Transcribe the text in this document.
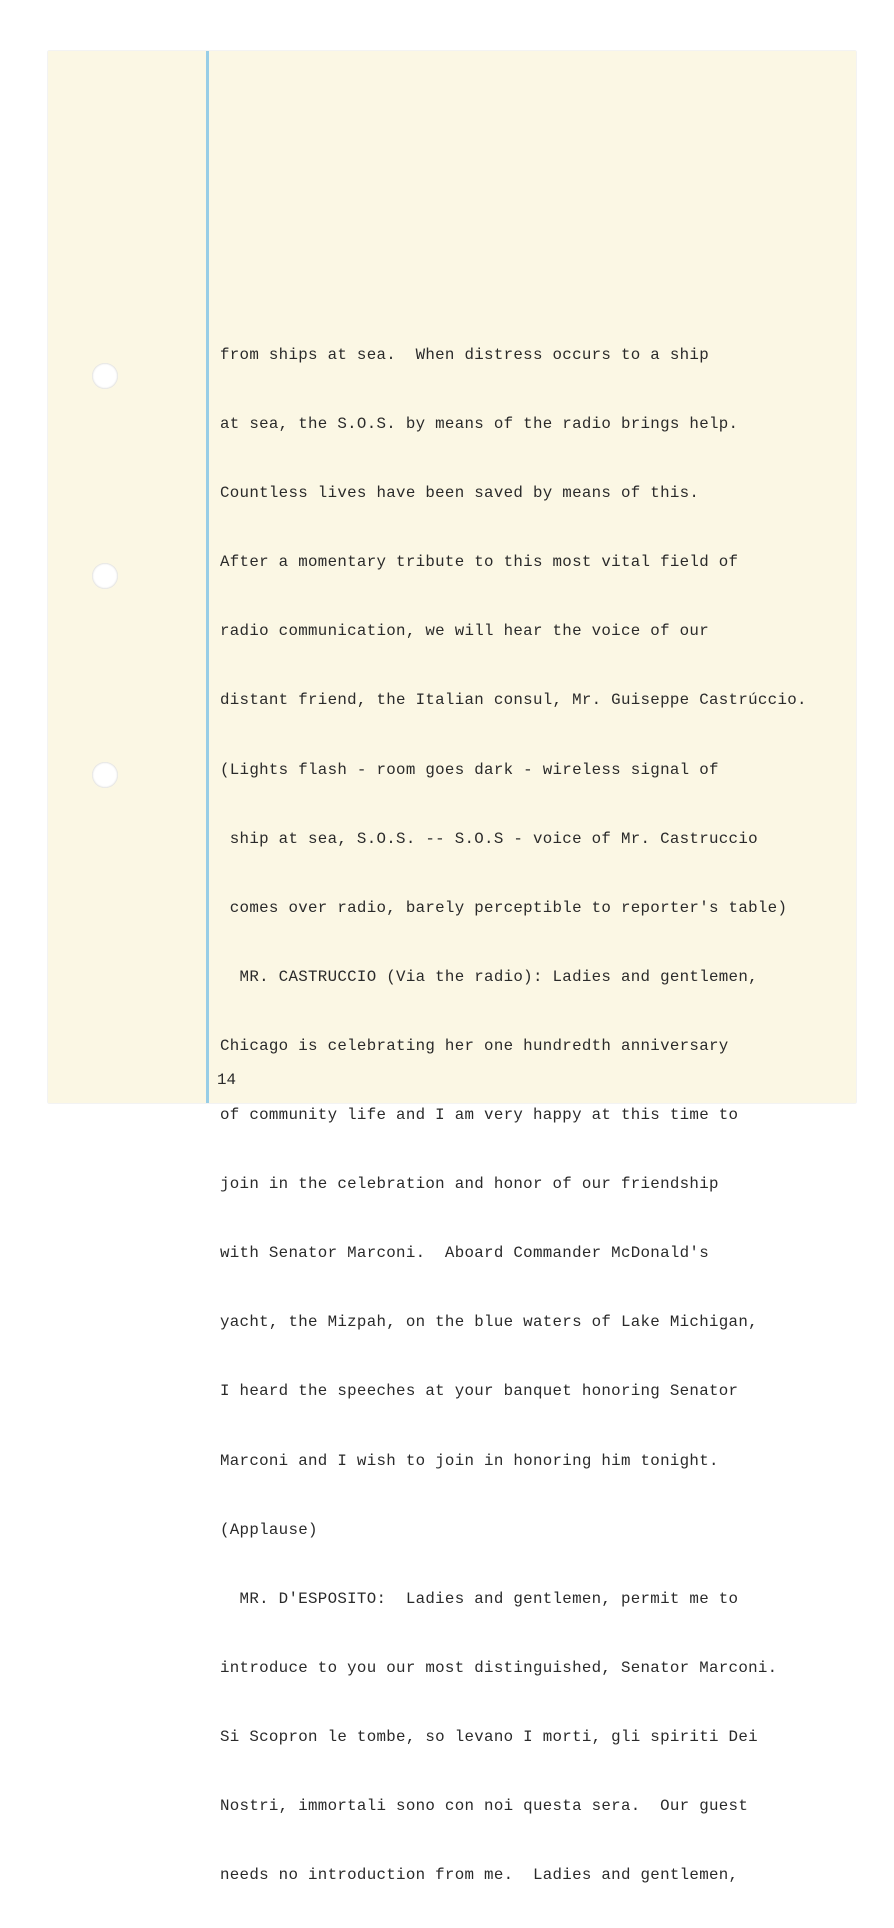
from ships at sea.  When distress occurs to a ship

at sea, the S.O.S. by means of the radio brings help.

Countless lives have been saved by means of this.

After a momentary tribute to this most vital field of

radio communication, we will hear the voice of our

distant friend, the Italian consul, Mr. Guiseppe Castrúccio.

(Lights flash - room goes dark - wireless signal of

ship at sea, S.O.S. -- S.O.S - voice of Mr. Castruccio

comes over radio, barely perceptible to reporter's table)

MR. CASTRUCCIO (Via the radio): Ladies and gentlemen,

Chicago is celebrating her one hundredth anniversary

of community life and I am very happy at this time to

join in the celebration and honor of our friendship

with Senator Marconi.  Aboard Commander McDonald's

yacht, the Mizpah, on the blue waters of Lake Michigan,

I heard the speeches at your banquet honoring Senator

Marconi and I wish to join in honoring him tonight.

(Applause)

MR. D'ESPOSITO:  Ladies and gentlemen, permit me to

introduce to you our most distinguished, Senator Marconi.

Si Scopron le tombe, so levano I morti, gli spiriti Dei

Nostri, immortali sono con noi questa sera.  Our guest

needs no introduction from me.  Ladies and gentlemen,

14
